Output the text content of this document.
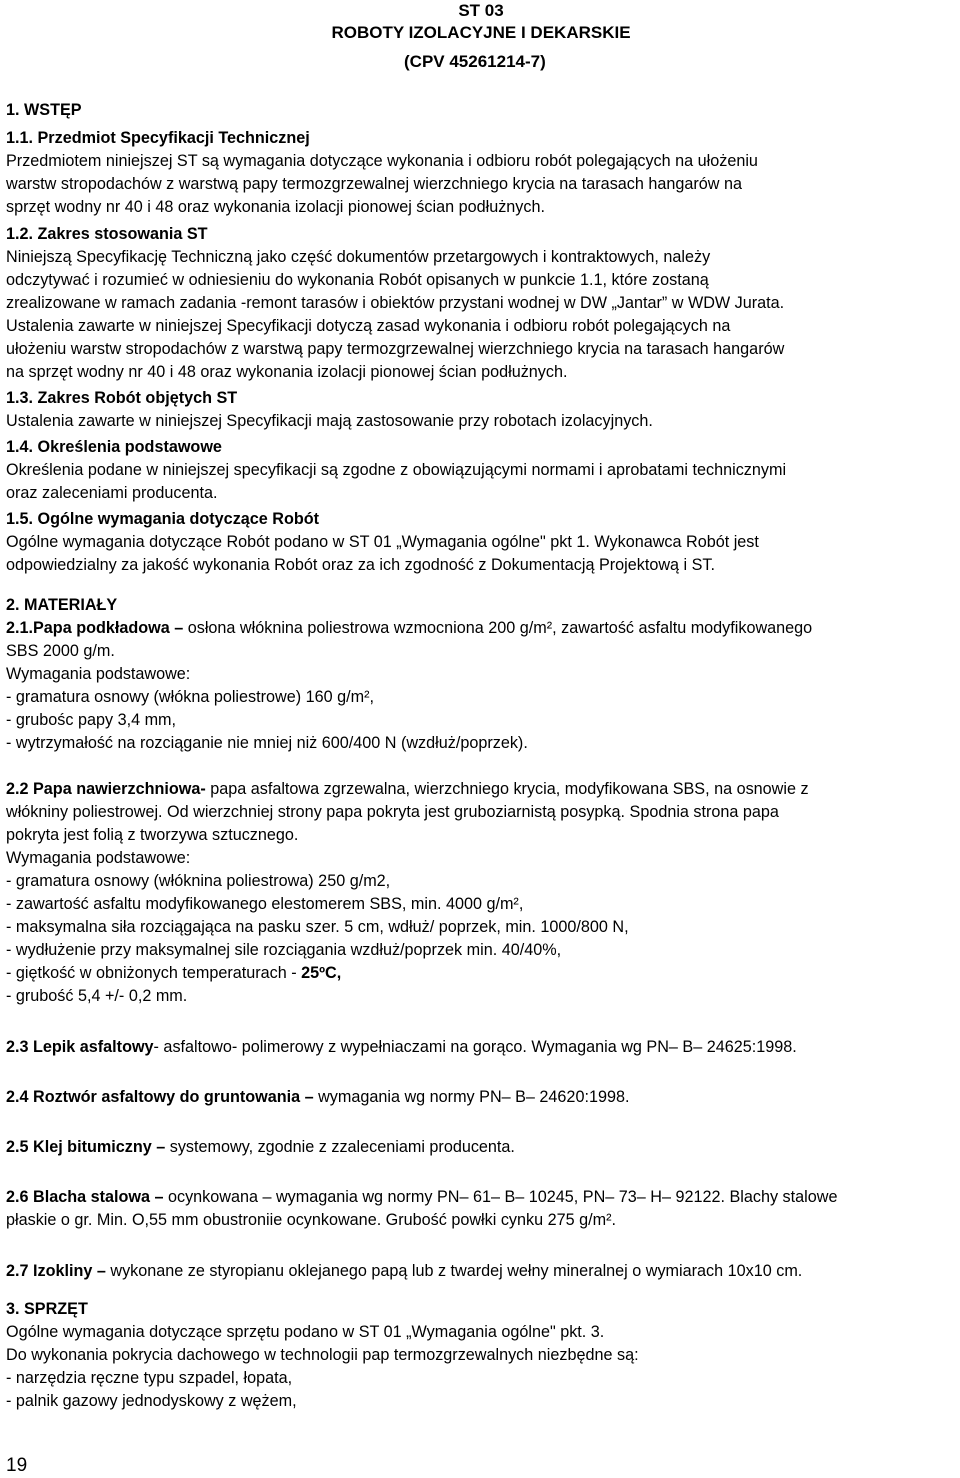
ST 03
ROBOTY IZOLACYJNE I DEKARSKIE
(CPV 45261214-7)
1. WSTĘP
1.1. Przedmiot Specyfikacji Technicznej
Przedmiotem niniejszej ST są wymagania dotyczące wykonania i odbioru robót polegających na ułożeniu
warstw stropodachów z warstwą papy termozgrzewalnej wierzchniego krycia na tarasach hangarów na
sprzęt wodny nr 40 i 48 oraz wykonania izolacji pionowej ścian podłużnych.
1.2. Zakres stosowania ST
Niniejszą Specyfikację Techniczną jako część dokumentów przetargowych i kontraktowych, należy
odczytywać i rozumieć w odniesieniu do wykonania Robót opisanych w punkcie 1.1, które zostaną
zrealizowane w ramach zadania -remont tarasów i obiektów przystani wodnej w DW „Jantar” w WDW Jurata.
Ustalenia zawarte w niniejszej Specyfikacji dotyczą zasad wykonania i odbioru robót polegających na
ułożeniu warstw stropodachów z warstwą papy termozgrzewalnej wierzchniego krycia na tarasach hangarów
na sprzęt wodny nr 40 i 48 oraz wykonania izolacji pionowej ścian podłużnych.
1.3. Zakres Robót objętych ST
Ustalenia zawarte w niniejszej Specyfikacji mają zastosowanie przy robotach izolacyjnych.
1.4. Określenia podstawowe
Określenia podane w niniejszej specyfikacji są zgodne z obowiązującymi normami i aprobatami technicznymi
oraz zaleceniami producenta.
1.5. Ogólne wymagania dotyczące Robót
Ogólne wymagania dotyczące Robót podano w ST 01 „Wymagania ogólne" pkt 1. Wykonawca Robót jest
odpowiedzialny za jakość wykonania Robót oraz za ich zgodność z Dokumentacją Projektową i ST.
2. MATERIAŁY
2.1.Papa podkładowa – osłona włóknina poliestrowa wzmocniona 200 g/m², zawartość asfaltu modyfikowanego
SBS 2000 g/m.
Wymagania podstawowe:
- gramatura osnowy (włókna poliestrowe) 160 g/m²,
- grubośc papy 3,4 mm,
- wytrzymałość na rozciąganie nie mniej niż 600/400 N (wzdłuż/poprzek).
2.2 Papa nawierzchniowa- papa asfaltowa zgrzewalna, wierzchniego krycia, modyfikowana SBS, na osnowie z
włókniny poliestrowej. Od wierzchniej strony papa pokryta jest gruboziarnistą posypką. Spodnia strona papa
pokryta jest folią z tworzywa sztucznego.
Wymagania podstawowe:
- gramatura osnowy (włóknina poliestrowa) 250 g/m2,
- zawartość asfaltu modyfikowanego elestomerem SBS, min. 4000 g/m²,
- maksymalna siła rozciągająca na pasku szer. 5 cm, wdłuż/ poprzek, min. 1000/800 N,
- wydłużenie przy maksymalnej sile rozciągania wzdłuż/poprzek min. 40/40%,
- giętkość w obniżonych temperaturach - 25ºC,
- grubość 5,4 +/- 0,2 mm.
2.3 Lepik asfaltowy- asfaltowo- polimerowy z wypełniaczami na gorąco. Wymagania wg PN– B– 24625:1998.
2.4 Roztwór asfaltowy do gruntowania – wymagania wg normy PN– B– 24620:1998.
2.5 Klej bitumiczny – systemowy, zgodnie z zzaleceniami producenta.
2.6 Blacha stalowa – ocynkowana – wymagania wg normy PN– 61– B– 10245, PN– 73– H– 92122. Blachy stalowe
płaskie o gr. Min. O,55 mm obustroniie ocynkowane. Grubość powłki cynku 275 g/m².
2.7 Izokliny – wykonane ze styropianu oklejanego papą lub z twardej wełny mineralnej o wymiarach 10x10 cm.
3. SPRZĘT
Ogólne wymagania dotyczące sprzętu podano w ST 01 „Wymagania ogólne" pkt. 3.
Do wykonania pokrycia dachowego w technologii pap termozgrzewalnych niezbędne są:
- narzędzia ręczne typu szpadel, łopata,
- palnik gazowy jednodyskowy z wężem,
19
